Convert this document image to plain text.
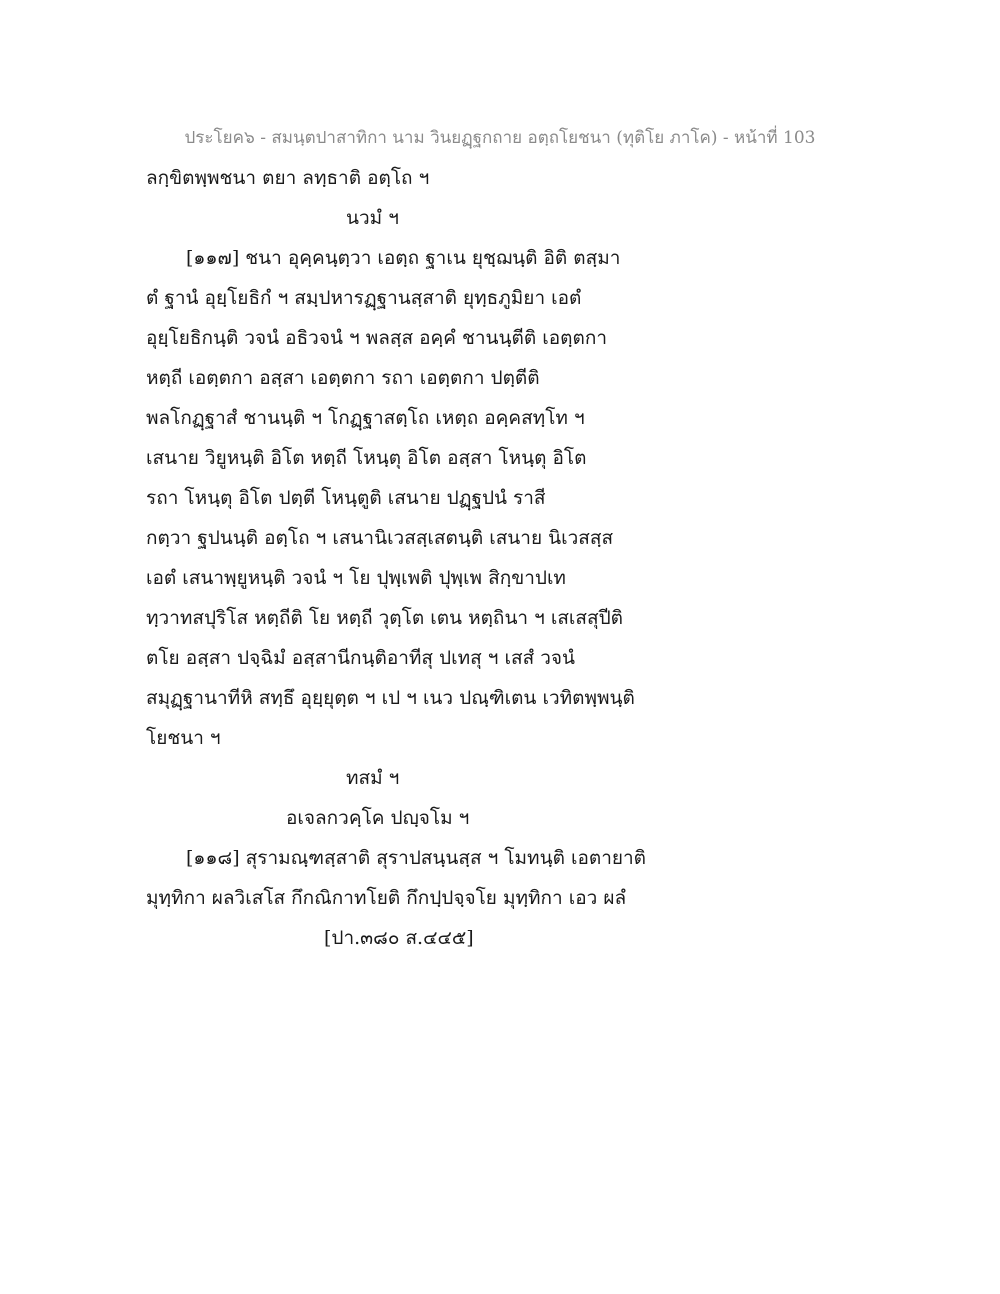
ประโยค๖ - สมนฺตปาสาทิกา นาม วินยฏฺฐกถาย อตฺถโยชนา (ทุติโย ภาโค) - หน้าที่ 103
ลกฺขิตพฺพชนา ตยา ลทฺธาติ อตฺโถ ฯ
นวมํ ฯ
[๑๑๗] ชนา อุคฺคนฺตฺวา เอตฺถ ฐาเน ยุชฺฌนฺติ อิติ ตสฺมา
ตํ ฐานํ อุยฺโยธิกํ ฯ สมฺปหารฏฺฐานสฺสาติ ยุทฺธภูมิยา เอตํ
อุยฺโยธิกนฺติ วจนํ อธิวจนํ ฯ พลสฺส อคฺคํ ชานนฺตีติ เอตฺตกา
หตฺถี เอตฺตกา อสฺสา เอตฺตกา รถา เอตฺตกา ปตฺตีติ
พลโกฏฺฐาสํ ชานนฺติ ฯ โกฏฺฐาสตฺโถ เหตฺถ อคฺคสทฺโท ฯ
เสนาย วิยูหนฺติ อิโต หตฺถี โหนฺตุ อิโต อสฺสา โหนฺตุ อิโต
รถา โหนฺตุ อิโต ปตฺตี โหนฺตูติ เสนาย ปฏฺฐปนํ ราสี
กตฺวา ฐปนนฺติ อตฺโถ ฯ เสนานิเวสสฺเสตนฺติ เสนาย นิเวสสฺส
เอตํ เสนาพฺยูหนฺติ วจนํ ฯ โย ปุพฺเพติ ปุพฺเพ สิกฺขาปเท
ทฺวาทสปุริโส หตฺถีติ โย หตฺถี วุตฺโต เตน หตฺถินา ฯ เสเสสุปีติ
ตโย อสฺสา ปจฺฉิมํ อสฺสานีกนฺติอาทีสุ ปเทสุ ฯ เสสํ วจนํ
สมุฏฺฐานาทีหิ สทฺธึ อุยฺยุตฺต ฯ เป ฯ เนว ปณฺฑิเตน เวทิตพฺพนฺติ
โยชนา ฯ
ทสมํ ฯ
อเจลกวคฺโค ปญฺจโม ฯ
[๑๑๘] สุรามณฺฑสฺสาติ สุราปสนฺนสฺส ฯ โมทนฺติ เอตายาติ
มุทฺทิกา ผลวิเสโส กึกณิกาทโยติ กึกปฺปจฺจโย มุทฺทิกา เอว ผลํ
[ปา.๓๘๐ ส.๔๔๕]
